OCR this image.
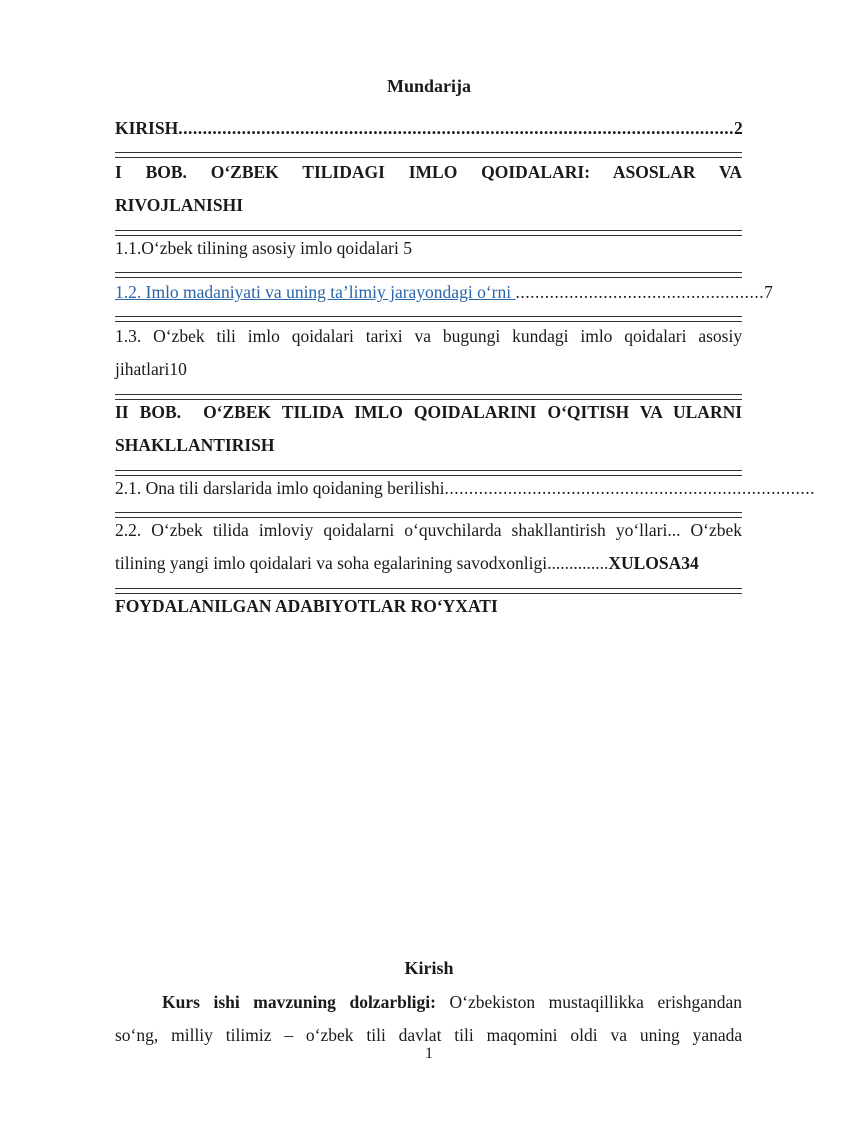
Mundarija
KIRISH .................................................................................................................. 2
I BOB. O‘ZBEK TILIDAGI IMLO QOIDALARI: ASOSLAR VA
RIVOJLANISHI
1.1.O‘zbek tilining asosiy imlo qoidalari 5
1.2. Imlo madaniyati va uning ta’limiy jarayondagi o‘rni ................................................... 7
1.3. O‘zbek tili imlo qoidalari tarixi va bugungi kundagi imlo qoidalari asosiy
jihatlari10
II BOB.  O‘ZBEK TILIDA IMLO QOIDALARINI O‘QITISH VA ULARNI
SHAKLLANTIRISH
2.1. Ona tili darslarida imlo qoidaning berilishi ............................................................................
2.2. O‘zbek tilida imloviy qoidalarni o‘quvchilarda shakllantirish yo‘llari... O‘zbek
tilining yangi imlo qoidalari va soha egalarining savodxonligi..............XULOSA34
FOYDALANILGAN ADABIYOTLAR RO‘YXATI
Kirish
Kurs ishi mavzuning dolzarbligi: O‘zbekiston mustaqillikka erishgandan
so‘ng, milliy tilimiz – o‘zbek tili davlat tili maqomini oldi va uning yanada
1
